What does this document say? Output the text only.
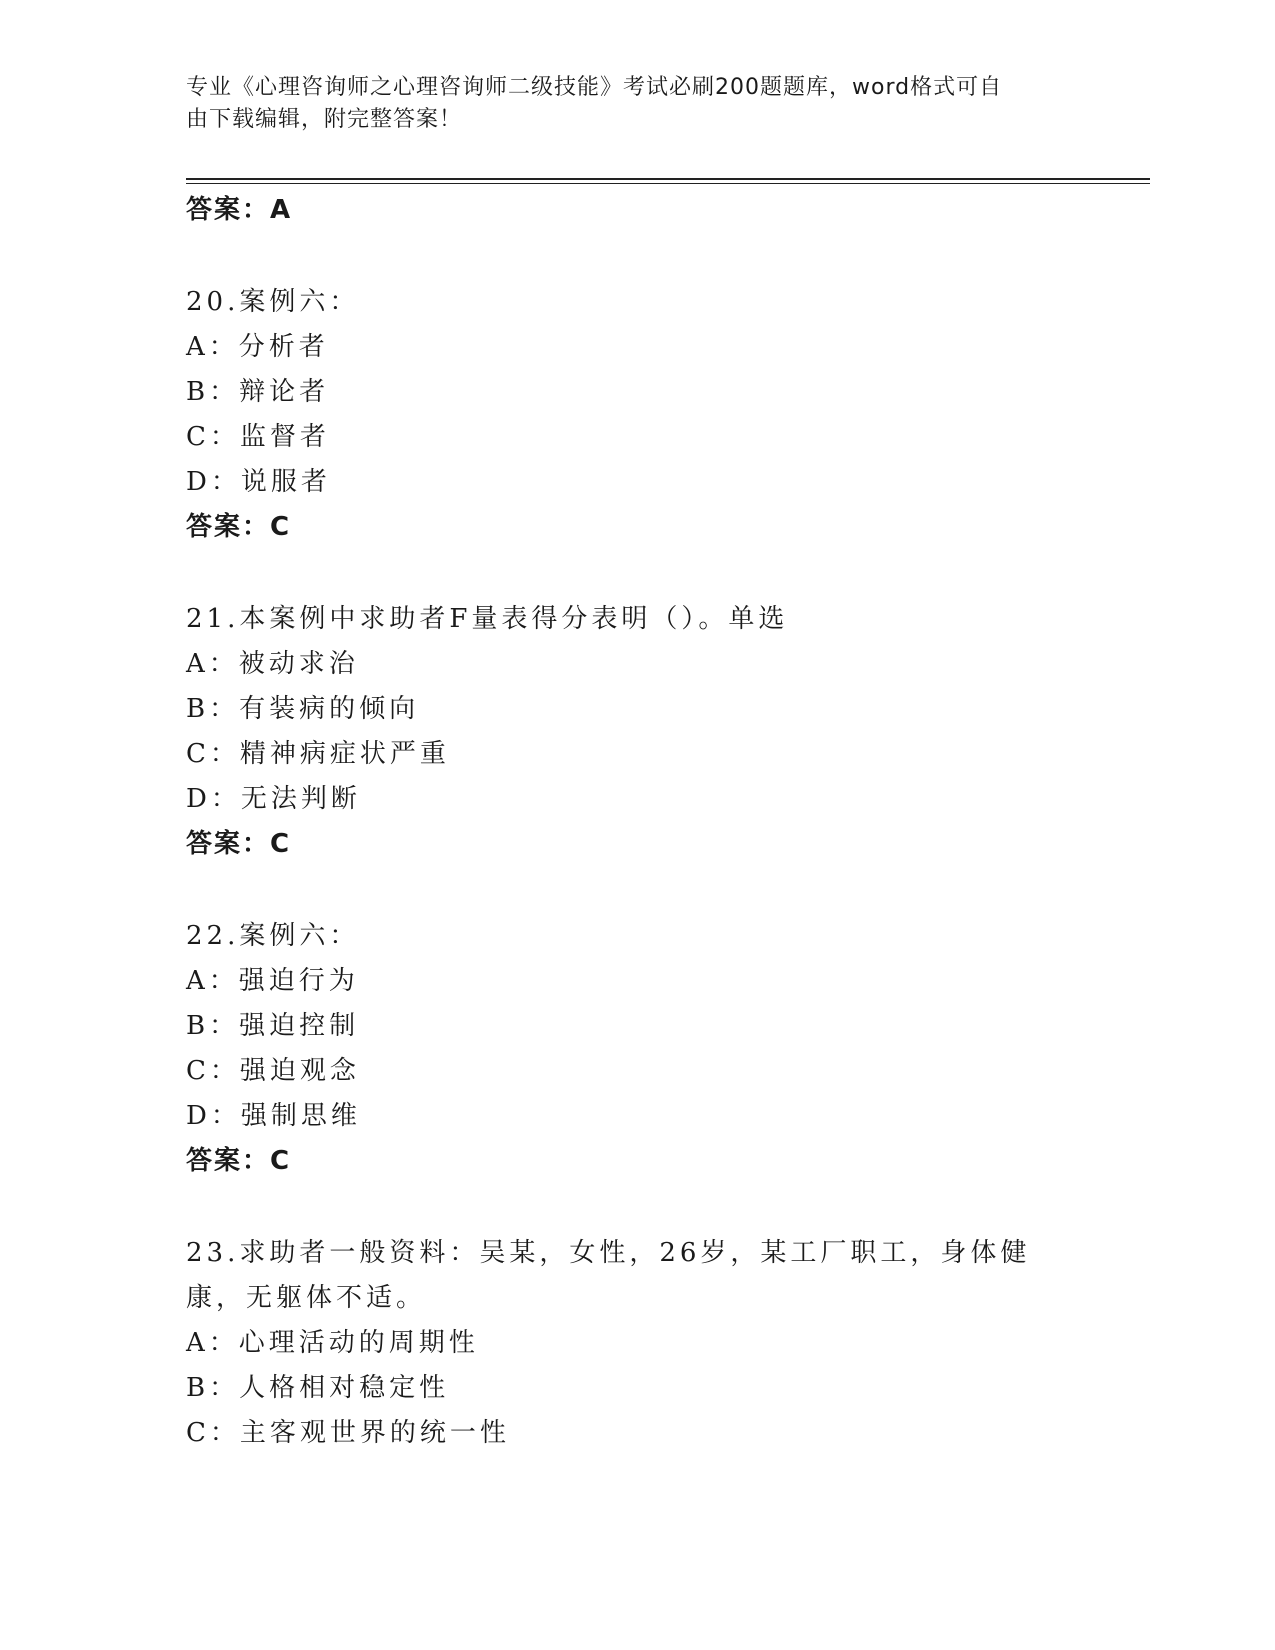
专业《心理咨询师之心理咨询师二级技能》考试必刷200题题库，word格式可自
由下载编辑，附完整答案！
答案：A
20.案例六：
A：分析者
B：辩论者
C：监督者
D：说服者
答案：C
21.本案例中求助者F量表得分表明（）。单选
A：被动求治
B：有装病的倾向
C：精神病症状严重
D：无法判断
答案：C
22.案例六：
A：强迫行为
B：强迫控制
C：强迫观念
D：强制思维
答案：C
23.求助者一般资料：吴某，女性，26岁，某工厂职工，身体健康，无躯体不适。
A：心理活动的周期性
B：人格相对稳定性
C：主客观世界的统一性
